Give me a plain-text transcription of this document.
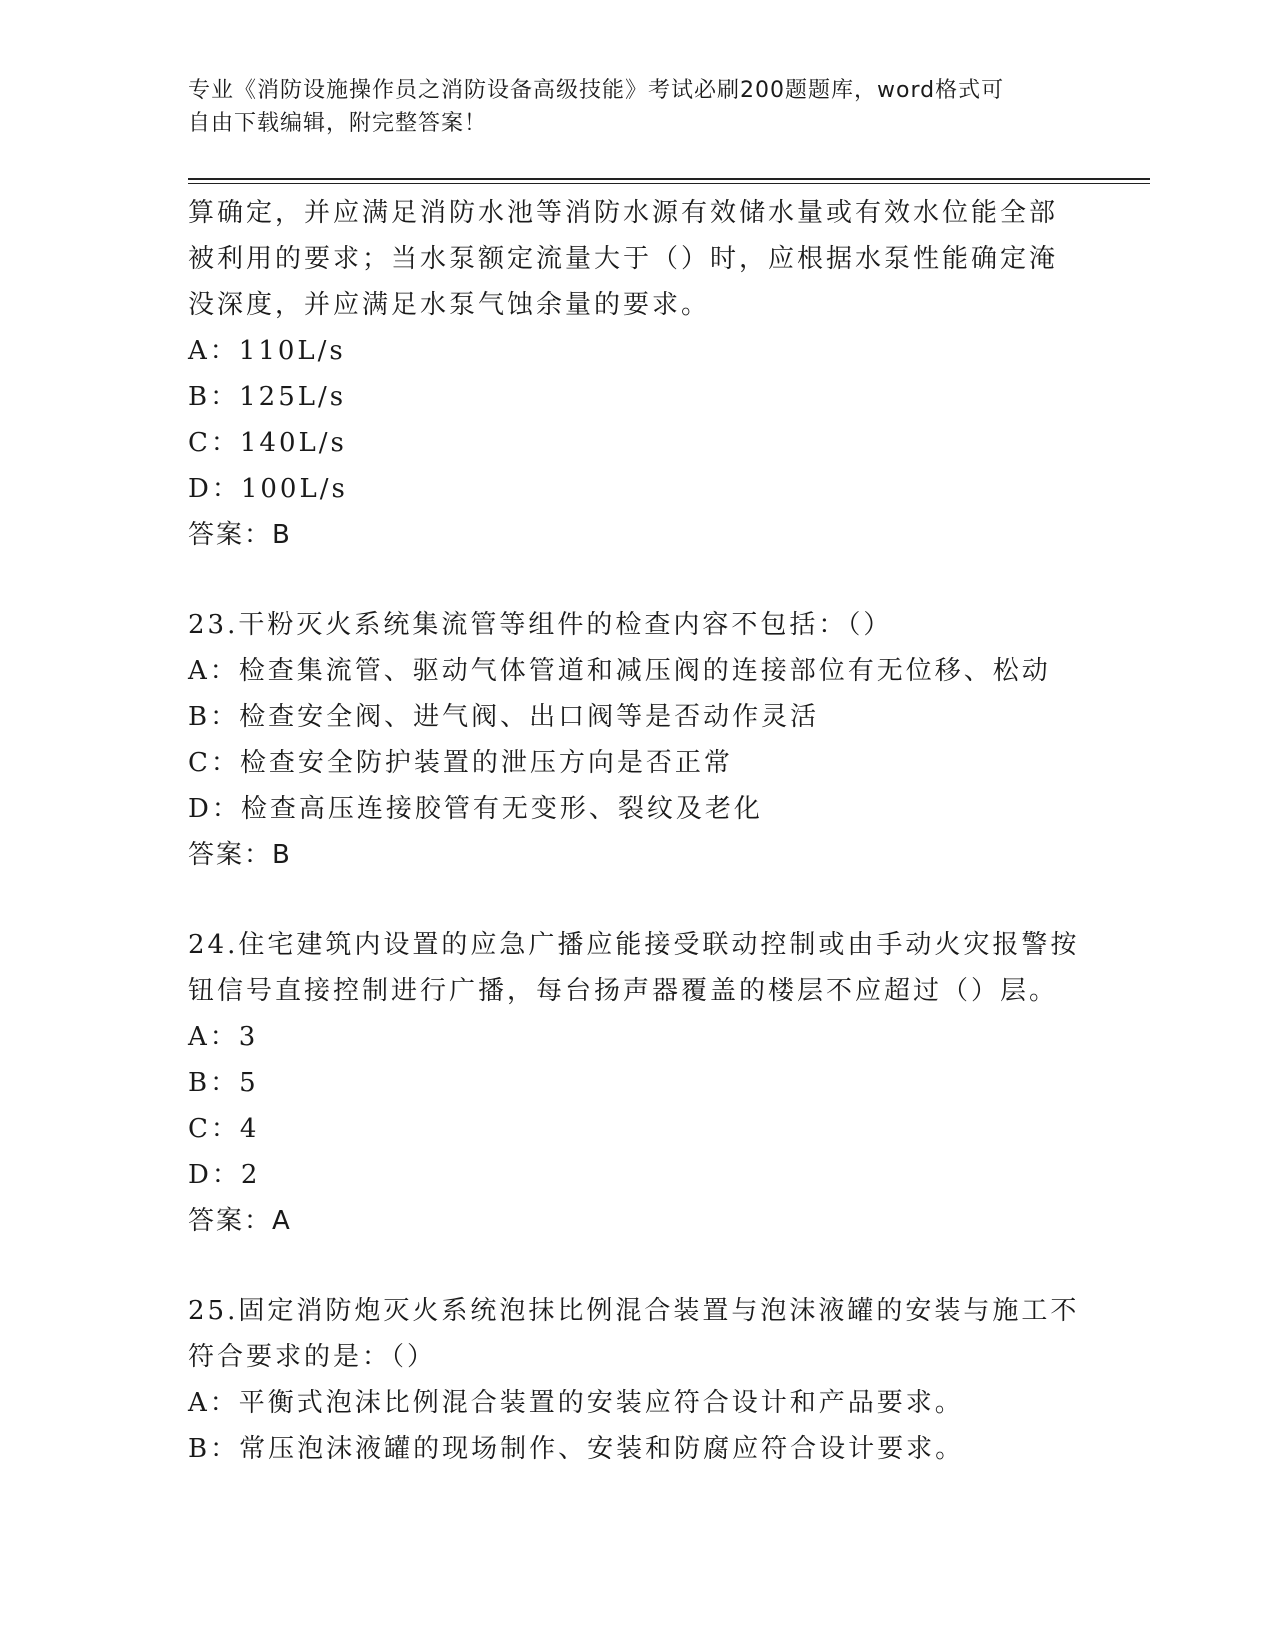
专业《消防设施操作员之消防设备高级技能》考试必刷200题题库，word格式可
自由下载编辑，附完整答案！
算确定，并应满足消防水池等消防水源有效储水量或有效水位能全部
被利用的要求；当水泵额定流量大于（）时，应根据水泵性能确定淹
没深度，并应满足水泵气蚀余量的要求。
A：110L/s
B：125L/s
C：140L/s
D：100L/s
答案：B
23.干粉灭火系统集流管等组件的检查内容不包括：（）
A：检查集流管、驱动气体管道和减压阀的连接部位有无位移、松动
B：检查安全阀、进气阀、出口阀等是否动作灵活
C：检查安全防护装置的泄压方向是否正常
D：检查高压连接胶管有无变形、裂纹及老化
答案：B
24.住宅建筑内设置的应急广播应能接受联动控制或由手动火灾报警按
钮信号直接控制进行广播，每台扬声器覆盖的楼层不应超过（）层。
A：3
B：5
C：4
D：2
答案：A
25.固定消防炮灭火系统泡抹比例混合装置与泡沫液罐的安装与施工不
符合要求的是：（）
A：平衡式泡沫比例混合装置的安装应符合设计和产品要求。
B：常压泡沫液罐的现场制作、安装和防腐应符合设计要求。
